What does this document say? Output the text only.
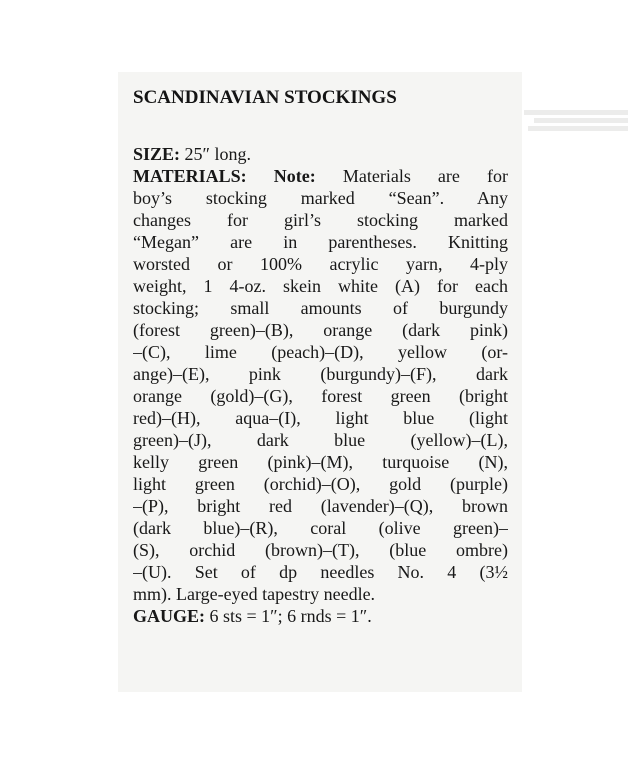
SCANDINAVIAN STOCKINGS
SIZE: 25″ long.
MATERIALS: Note: Materials are for
boy’s stocking marked “Sean”. Any
changes for girl’s stocking marked
“Megan” are in parentheses. Knitting
worsted or 100% acrylic yarn, 4-ply
weight, 1 4-oz. skein white (A) for each
stocking; small amounts of burgundy
(forest green)–(B), orange (dark pink)
–(C), lime (peach)–(D), yellow (or-
ange)–(E), pink (burgundy)–(F), dark
orange (gold)–(G), forest green (bright
red)–(H), aqua–(I), light blue (light
green)–(J), dark blue (yellow)–(L),
kelly green (pink)–(M), turquoise (N),
light green (orchid)–(O), gold (purple)
–(P), bright red (lavender)–(Q), brown
(dark blue)–(R), coral (olive green)–
(S), orchid (brown)–(T), (blue ombre)
–(U). Set of dp needles No. 4 (3½
mm). Large-eyed tapestry needle.
GAUGE: 6 sts = 1″; 6 rnds = 1″.
